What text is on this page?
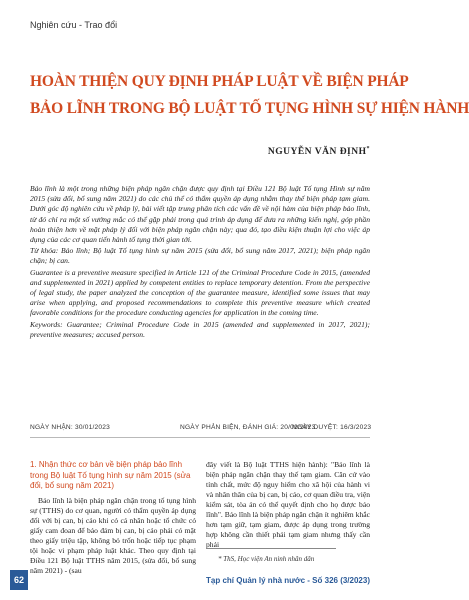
Nghiên cứu - Trao đổi
HOÀN THIỆN QUY ĐỊNH PHÁP LUẬT VỀ BIỆN PHÁP
BẢO LĨNH TRONG BỘ LUẬT TỐ TỤNG HÌNH SỰ HIỆN HÀNH
NGUYỄN VĂN ĐỊNH*

Bảo lĩnh là một trong những biện pháp ngăn chặn được quy định tại Điều 121 Bộ luật Tố tụng Hình sự năm 2015 (sửa đổi, bổ sung năm 2021) do các chủ thể có thẩm quyền áp dụng nhằm thay thế biện pháp tạm giam. Dưới góc độ nghiên cứu về pháp lý, bài viết tập trung phân tích các vấn đề về nội hàm của biện pháp bảo lĩnh, từ đó chỉ ra một số vướng mắc có thể gặp phải trong quá trình áp dụng để đưa ra những kiến nghị, góp phần hoàn thiện hơn về mặt pháp lý đối với biện pháp ngăn chặn này; qua đó, tạo điều kiện thuận lợi cho việc áp dụng của các cơ quan tiến hành tố tụng thời gian tới.

Từ khóa: Bảo lĩnh; Bộ luật Tố tụng hình sự năm 2015 (sửa đổi, bổ sung năm 2017, 2021); biện pháp ngăn chặn; bị can.

Guarantee is a preventive measure specified in Article 121 of the Criminal Procedure Code in 2015, (amended and supplemented in 2021) applied by competent entities to replace temporary detention. From the perspective of legal study, the paper analyzed the conception of the guarantee measure, identified some issues that may arise when applying, and proposed recommendations to complete this preventive measure which created favorable conditions for the procedure conducting agencies for application in the coming time.

Keywords: Guarantee; Criminal Procedure Code in 2015 (amended and supplemented in 2017, 2021); preventive measures; accused person.

NGÀY NHẬN: 30/01/2023	NGÀY PHẢN BIỆN, ĐÁNH GIÁ: 20/02/2023
NGÀY DUYỆT: 16/3/2023
1. Nhận thức cơ bản về biện pháp bảo lĩnh trong Bộ luật Tố tụng hình sự năm 2015 (sửa đổi, bổ sung năm 2021)

Bảo lĩnh là biện pháp ngăn chặn trong tố tụng hình sự (TTHS) do cơ quan, người có thẩm quyền áp dụng đối với bị can, bị cáo khi có cá nhân hoặc tổ chức có giấy cam đoan để bảo đảm bị can, bị cáo phải có mặt theo giấy triệu tập, không bỏ trốn hoặc tiếp tục phạm tội hoặc vi phạm pháp luật khác. Theo quy định tại Điều 121 Bộ luật TTHS năm 2015, (sửa đổi, bổ sung năm 2021) - (sau

đây viết là Bộ luật TTHS hiện hành): "Bảo lĩnh là biện pháp ngăn chặn thay thế tạm giam. Căn cứ vào tính chất, mức độ nguy hiểm cho xã hội của hành vi và nhân thân của bị can, bị cáo, cơ quan điều tra, viện kiểm sát, tòa án có thể quyết định cho họ được bảo lĩnh". Bảo lĩnh là biện pháp ngăn chặn ít nghiêm khắc hơn tạm giữ, tạm giam, được áp dụng trong trường hợp không cần thiết phải tạm giam nhưng thấy cần phải

* ThS, Học viện An ninh nhân dân
62	Tạp chí Quản lý nhà nước - Số 326 (3/2023)
